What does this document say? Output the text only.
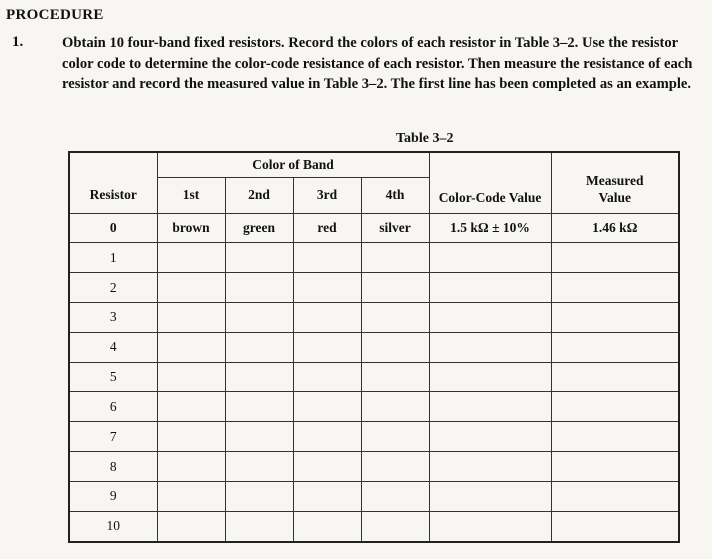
PROCEDURE
1.	Obtain 10 four-band fixed resistors. Record the colors of each resistor in Table 3–2. Use the resistor color code to determine the color-code resistance of each resistor. Then measure the resistance of each resistor and record the measured value in Table 3–2. The first line has been completed as an example.
Table 3–2
Resistor	Color of Band				Color-Code Value	Measured Value
	1st	2nd	3rd	4th		
0	brown	green	red	silver	1.5 kΩ ± 10%	1.46 kΩ
1						
2						
3						
4						
5						
6						
7						
8						
9						
10						
